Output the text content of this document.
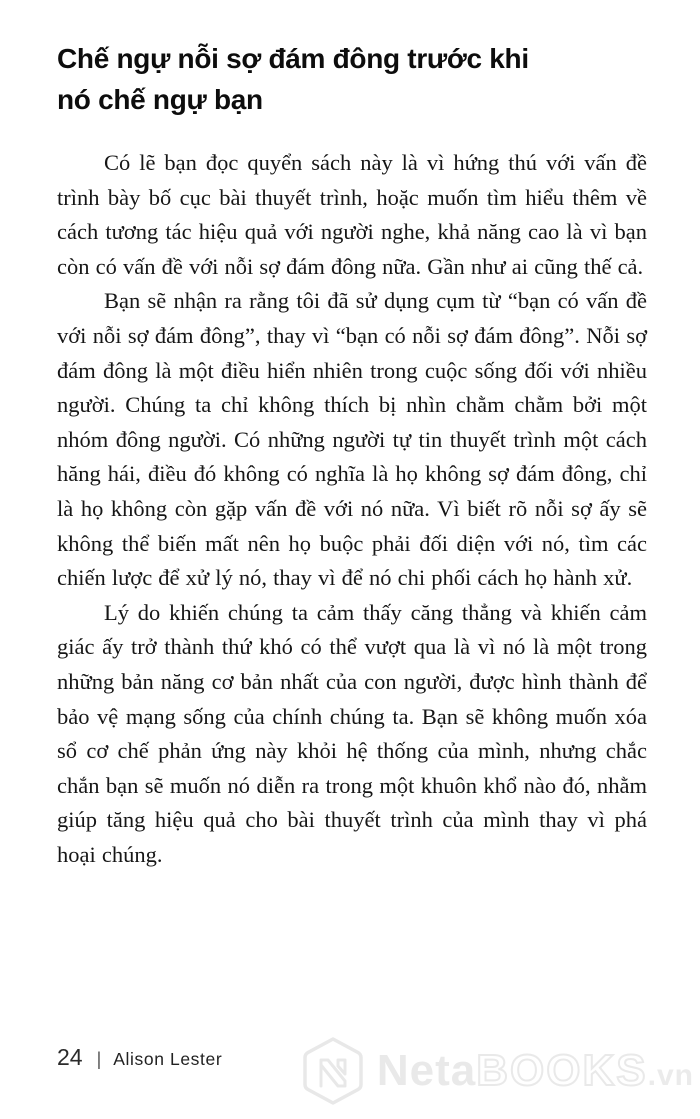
Chế ngự nỗi sợ đám đông trước khi
nó chế ngự bạn

Có lẽ bạn đọc quyển sách này là vì hứng thú với vấn đề trình bày bố cục bài thuyết trình, hoặc muốn tìm hiểu thêm về cách tương tác hiệu quả với người nghe, khả năng cao là vì bạn còn có vấn đề với nỗi sợ đám đông nữa. Gần như ai cũng thế cả.

Bạn sẽ nhận ra rằng tôi đã sử dụng cụm từ “bạn có vấn đề với nỗi sợ đám đông”, thay vì “bạn có nỗi sợ đám đông”. Nỗi sợ đám đông là một điều hiển nhiên trong cuộc sống đối với nhiều người. Chúng ta chỉ không thích bị nhìn chằm chằm bởi một nhóm đông người. Có những người tự tin thuyết trình một cách hăng hái, điều đó không có nghĩa là họ không sợ đám đông, chỉ là họ không còn gặp vấn đề với nó nữa. Vì biết rõ nỗi sợ ấy sẽ không thể biến mất nên họ buộc phải đối diện với nó, tìm các chiến lược để xử lý nó, thay vì để nó chi phối cách họ hành xử.

Lý do khiến chúng ta cảm thấy căng thẳng và khiến cảm giác ấy trở thành thứ khó có thể vượt qua là vì nó là một trong những bản năng cơ bản nhất của con người, được hình thành để bảo vệ mạng sống của chính chúng ta. Bạn sẽ không muốn xóa sổ cơ chế phản ứng này khỏi hệ thống của mình, nhưng chắc chắn bạn sẽ muốn nó diễn ra trong một khuôn khổ nào đó, nhằm giúp tăng hiệu quả cho bài thuyết trình của mình thay vì phá hoại chúng.

24 | Alison Lester	NetaBOOKS.vn
